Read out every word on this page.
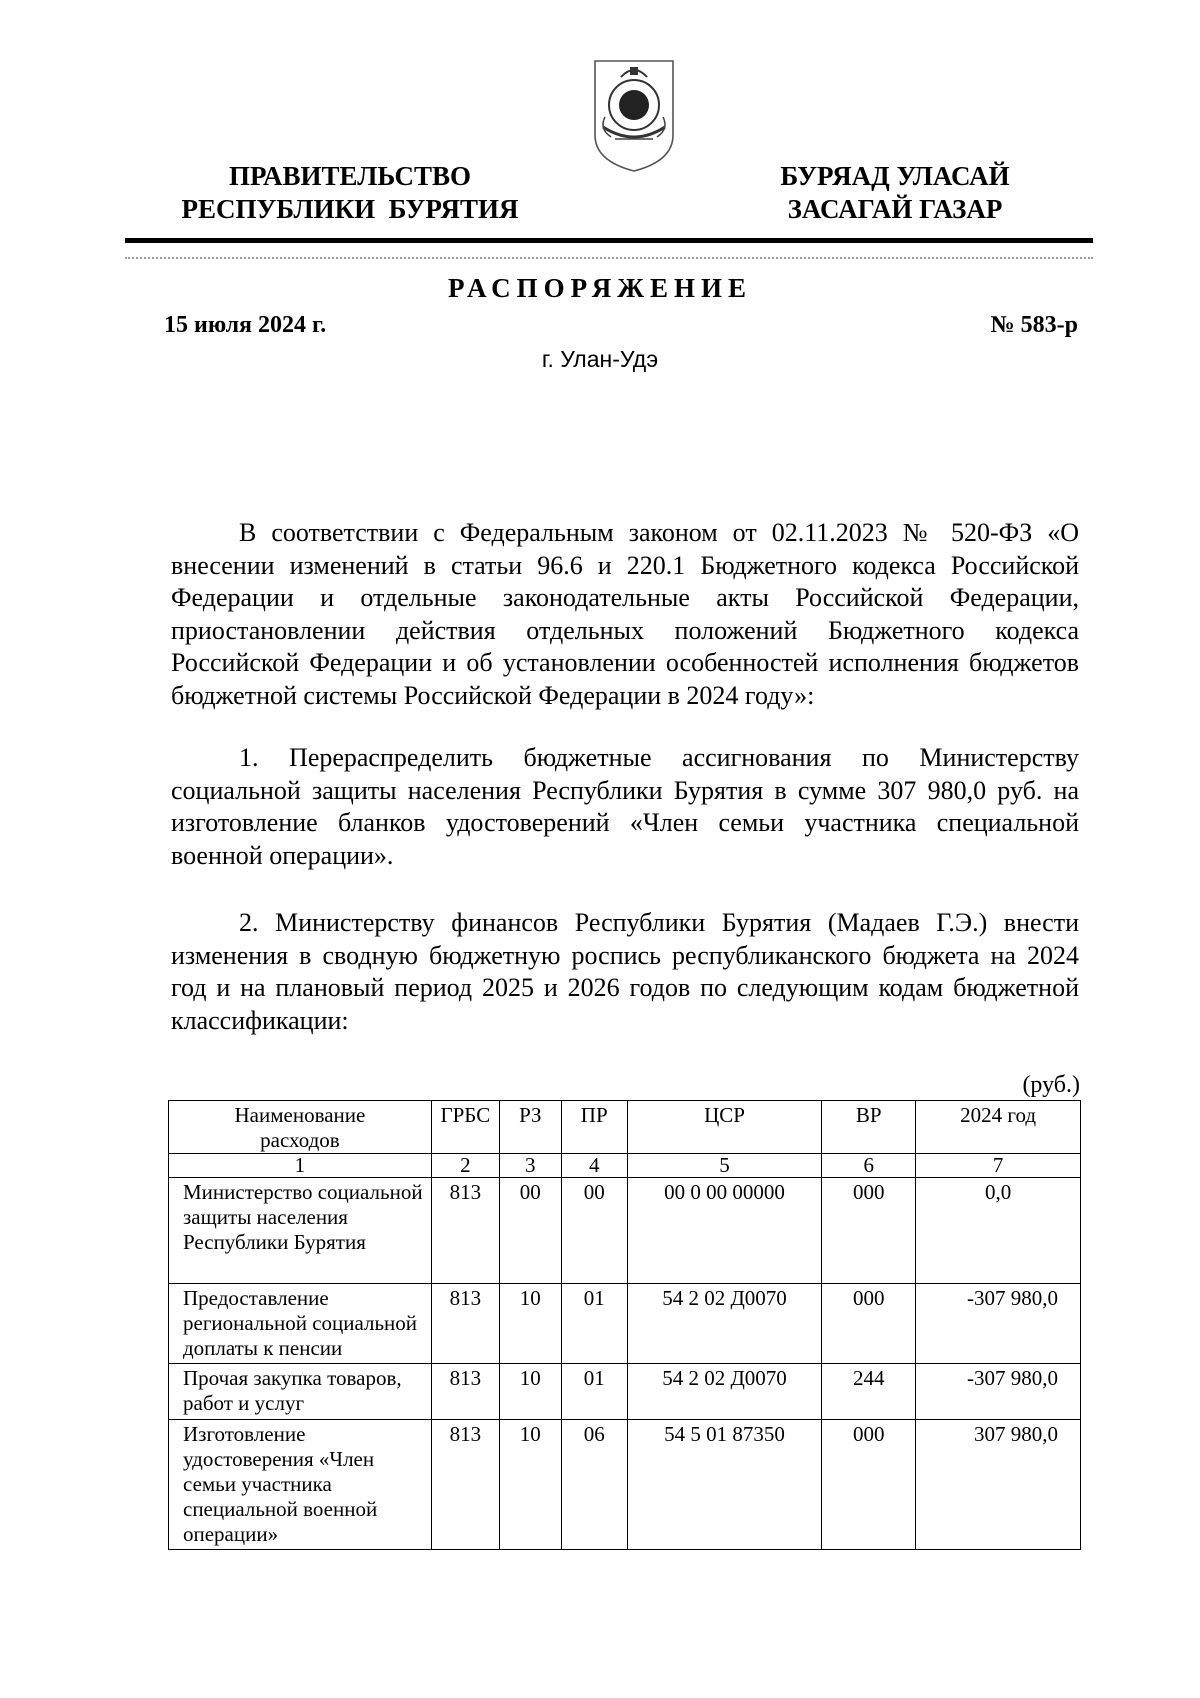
ПРАВИТЕЛЬСТВО
РЕСПУБЛИКИ  БУРЯТИЯ
БУРЯАД УЛАСАЙ
ЗАСАГАЙ ГАЗАР
РАСПОРЯЖЕНИЕ
15 июля 2024 г.	№ 583-р
г. Улан-Удэ

В соответствии с Федеральным законом от 02.11.2023 № 520-ФЗ «О внесении изменений в статьи 96.6 и 220.1 Бюджетного кодекса Российской Федерации и отдельные законодательные акты Российской Федерации, приостановлении действия отдельных положений Бюджетного кодекса Российской Федерации и об установлении особенностей исполнения бюджетов бюджетной системы Российской Федерации в 2024 году»:

1. Перераспределить бюджетные ассигнования по Министерству социальной защиты населения Республики Бурятия в сумме 307 980,0 руб. на изготовление бланков удостоверений «Член семьи участника специальной военной операции».

2. Министерству финансов Республики Бурятия (Мадаев Г.Э.) внести изменения в сводную бюджетную роспись республиканского бюджета на 2024 год и на плановый период 2025 и 2026 годов по следующим кодам бюджетной классификации:

(руб.)
Наименование расходов	ГРБС	РЗ	ПР	ЦСР	ВР	2024 год
1	2	3	4	5	6	7
Министерство социальной защиты населения Республики Бурятия	813	00	00	00 0 00 00000	000	0,0
Предоставление региональной социальной доплаты к пенсии	813	10	01	54 2 02 Д0070	000	-307 980,0
Прочая закупка товаров, работ и услуг	813	10	01	54 2 02 Д0070	244	-307 980,0
Изготовление удостоверения «Член семьи участника специальной военной операции»	813	10	06	54 5 01 87350	000	307 980,0
